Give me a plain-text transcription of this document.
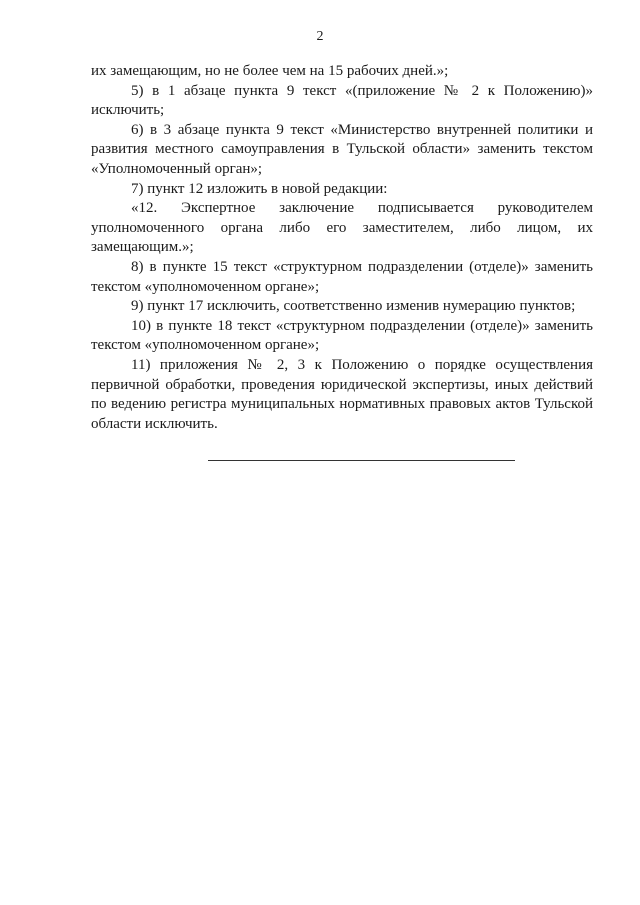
2

их замещающим, но не более чем на 15 рабочих дней.»;

5) в 1 абзаце пункта 9 текст «(приложение № 2 к Положению)» исключить;

6) в 3 абзаце пункта 9 текст «Министерство внутренней политики и развития местного самоуправления в Тульской области» заменить текстом «Уполномоченный орган»;

7) пункт 12 изложить в новой редакции:

«12. Экспертное заключение подписывается руководителем уполномоченного органа либо его заместителем, либо лицом, их замещающим.»;

8) в пункте 15 текст «структурном подразделении (отделе)» заменить текстом «уполномоченном органе»;

9) пункт 17 исключить, соответственно изменив нумерацию пунктов;

10) в пункте 18 текст «структурном подразделении (отделе)» заменить текстом «уполномоченном органе»;

11) приложения № 2, 3 к Положению о порядке осуществления первичной обработки, проведения юридической экспертизы, иных действий по ведению регистра муниципальных нормативных правовых актов Тульской области исключить.
